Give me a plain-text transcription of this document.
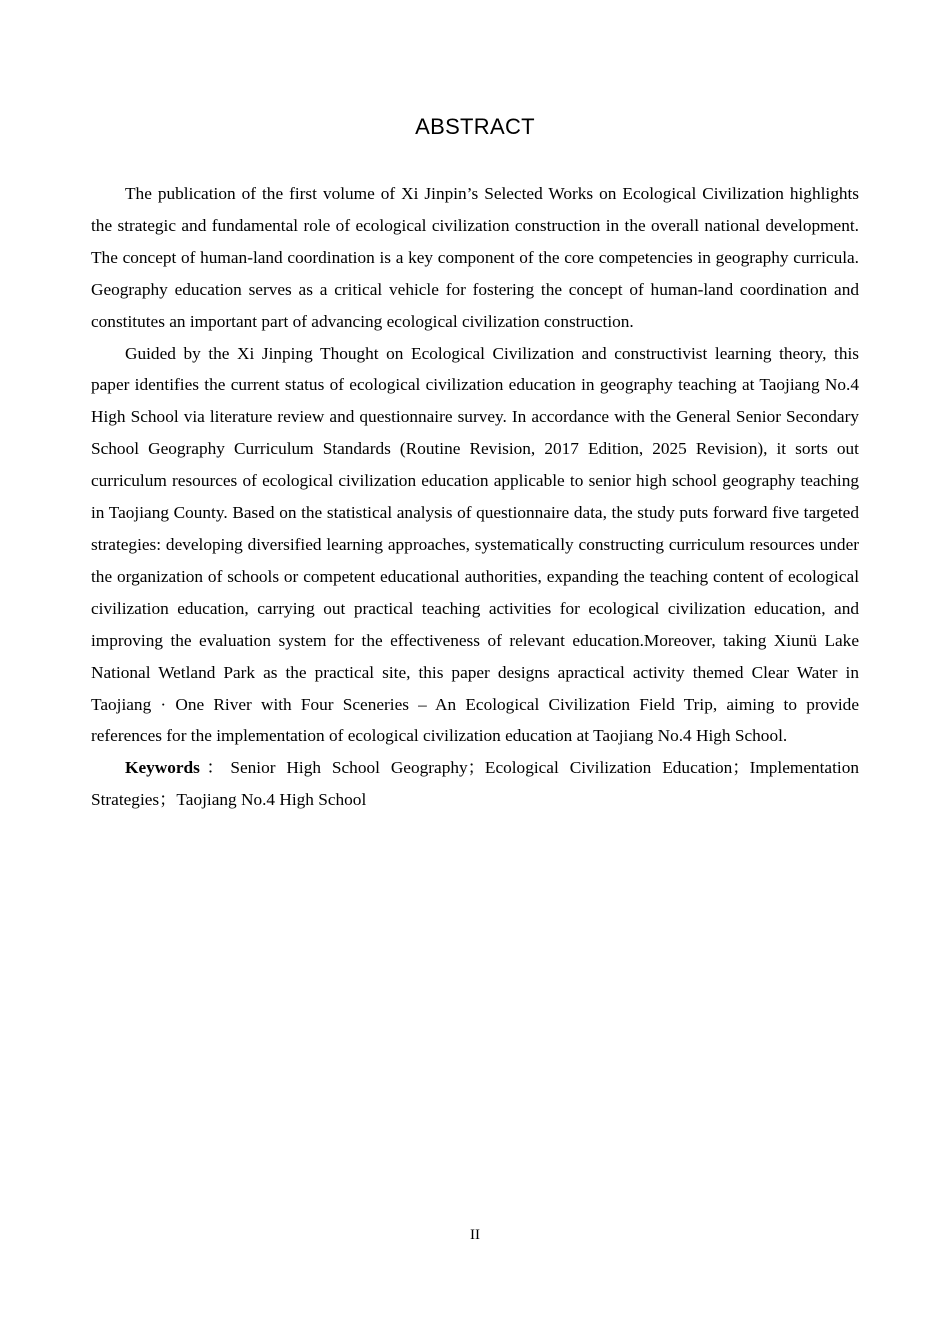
ABSTRACT

The publication of the first volume of Xi Jinpin’s Selected Works on Ecological Civilization highlights the strategic and fundamental role of ecological civilization construction in the overall national development. The concept of human-land coordination is a key component of the core competencies in geography curricula. Geography education serves as a critical vehicle for fostering the concept of human-land coordination and constitutes an important part of advancing ecological civilization construction.

Guided by the Xi Jinping Thought on Ecological Civilization and constructivist learning theory, this paper identifies the current status of ecological civilization education in geography teaching at Taojiang No.4 High School via literature review and questionnaire survey. In accordance with the General Senior Secondary School Geography Curriculum Standards (Routine Revision, 2017 Edition, 2025 Revision), it sorts out curriculum resources of ecological civilization education applicable to senior high school geography teaching in Taojiang County. Based on the statistical analysis of questionnaire data, the study puts forward five targeted strategies: developing diversified learning approaches, systematically constructing curriculum resources under the organization of schools or competent educational authorities, expanding the teaching content of ecological civilization education, carrying out practical teaching activities for ecological civilization education, and improving the evaluation system for the effectiveness of relevant education.Moreover, taking Xiunü Lake National Wetland Park as the practical site, this paper designs apractical activity themed Clear Water in Taojiang · One River with Four Sceneries – An Ecological Civilization Field Trip, aiming to provide references for the implementation of ecological civilization education at Taojiang No.4 High School.

Keywords：Senior High School Geography；Ecological Civilization Education；Implementation Strategies；Taojiang No.4 High School

II
